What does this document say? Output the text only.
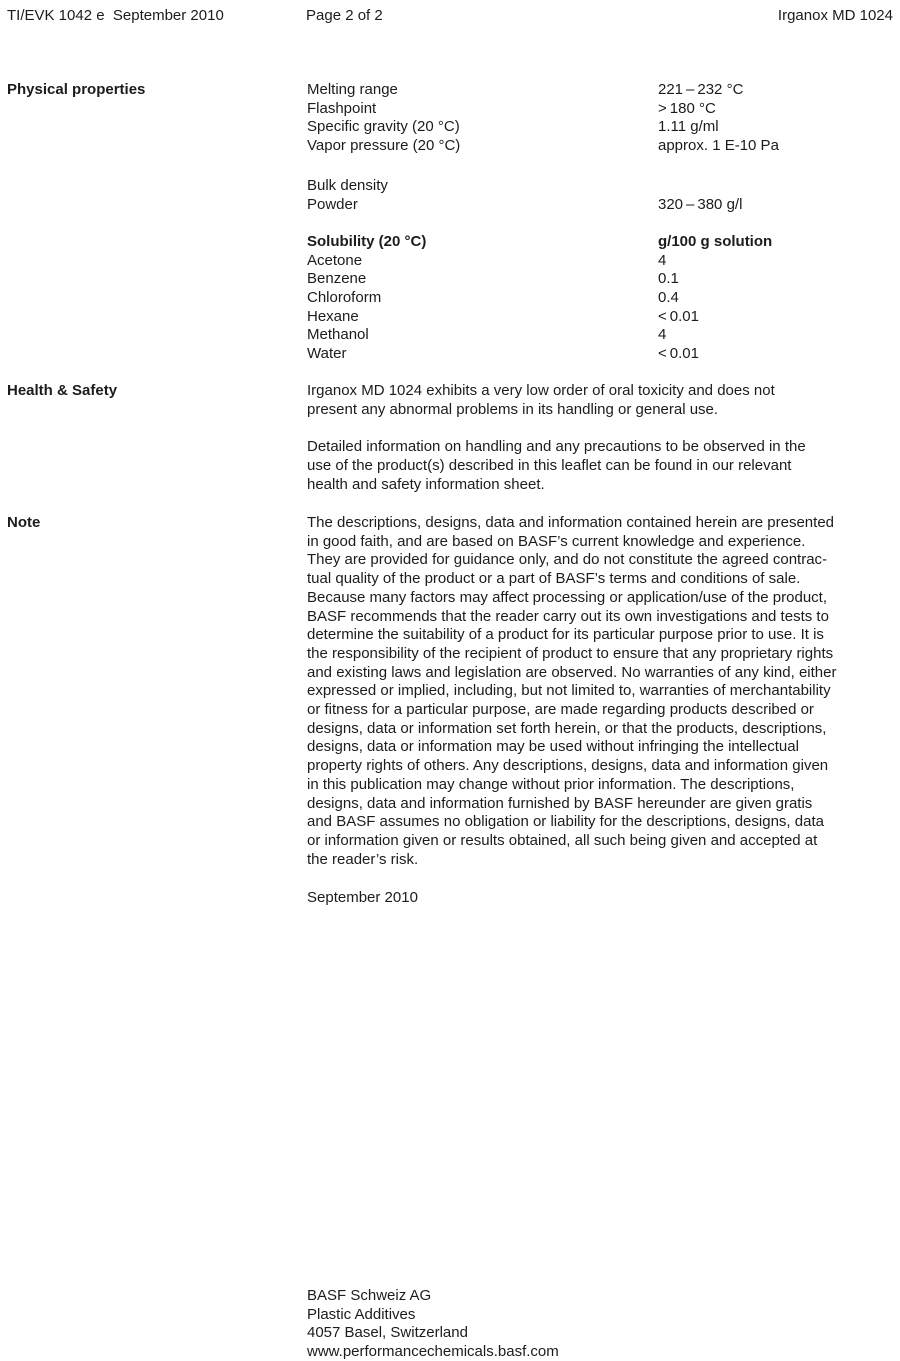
TI/EVK 1042 e  September 2010	Page 2 of 2	Irganox MD 1024
Physical properties	Melting range	221 – 232 °C
Flashpoint	> 180 °C
Specific gravity (20 °C)	1.11 g/ml
Vapor pressure (20 °C)	approx. 1 E-10 Pa
Bulk density
Powder	320 – 380 g/l
Solubility (20 °C)	g/100 g solution
Acetone	4
Benzene	0.1
Chloroform	0.4
Hexane	< 0.01
Methanol	4
Water	< 0.01
Health & Safety	Irganox MD 1024 exhibits a very low order of oral toxicity and does not
present any abnormal problems in its handling or general use.
Detailed information on handling and any precautions to be observed in the
use of the product(s) described in this leaflet can be found in our relevant
health and safety information sheet.
Note	The descriptions, designs, data and information contained herein are presented
in good faith, and are based on BASF’s current knowledge and experience.
They are provided for guidance only, and do not constitute the agreed contrac-
tual quality of the product or a part of BASF’s terms and conditions of sale.
Because many factors may affect processing or application/use of the product,
BASF recommends that the reader carry out its own investigations and tests to
determine the suitability of a product for its particular purpose prior to use. It is
the responsibility of the recipient of product to ensure that any proprietary rights
and existing laws and legislation are observed. No warranties of any kind, either
expressed or implied, including, but not limited to, warranties of merchantability
or fitness for a particular purpose, are made regarding products described or
designs, data or information set forth herein, or that the products, descriptions,
designs, data or information may be used without infringing the intellectual
property rights of others. Any descriptions, designs, data and information given
in this publication may change without prior information. The descriptions,
designs, data and information furnished by BASF hereunder are given gratis
and BASF assumes no obligation or liability for the descriptions, designs, data
or information given or results obtained, all such being given and accepted at
the reader’s risk.
September 2010
BASF Schweiz AG
Plastic Additives
4057 Basel, Switzerland
www.performancechemicals.basf.com
